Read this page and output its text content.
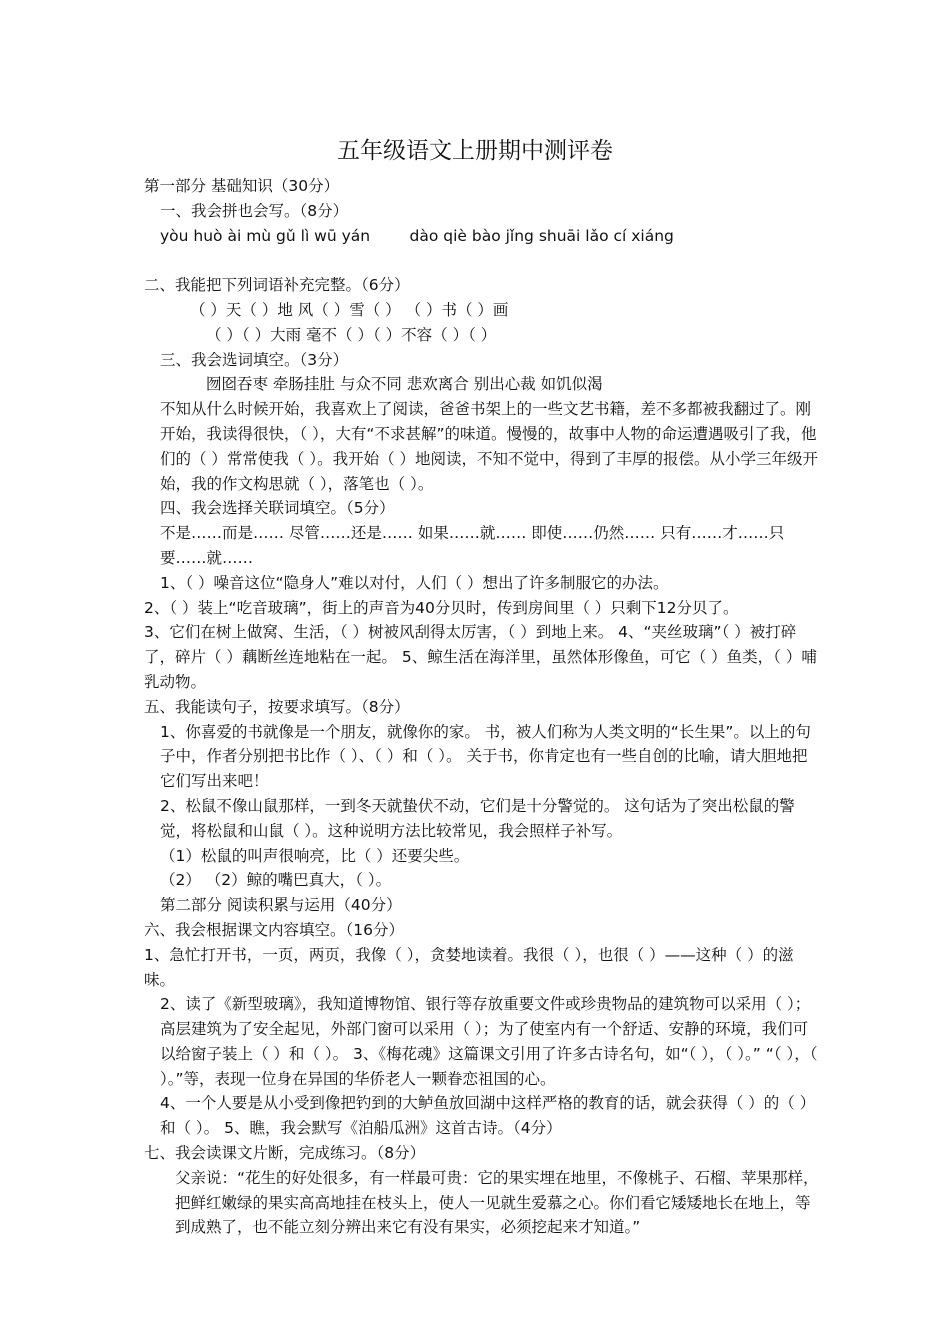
五年级语文上册期中测评卷

第一部分 基础知识（30分）

一、我会拼也会写。（8分）

yòu huò ài mù gǔ lì wū yán        dào qiè bào jǐng shuāi lǎo cí xiáng

二、我能把下列词语补充完整。（6分）

（ ）天（ ）地 风（ ）雪（ ） （ ）书（ ）画

（ ）（ ）大雨 毫不（ ）（ ）不容（ ）（ ）

三、我会选词填空。（3分）

囫囵吞枣 牵肠挂肚 与众不同 悲欢离合 别出心裁 如饥似渴

不知从什么时候开始，我喜欢上了阅读，爸爸书架上的一些文艺书籍，差不多都被我翻过了。刚开始，我读得很快，（ ），大有“不求甚解”的味道。慢慢的，故事中人物的命运遭遇吸引了我，他们的（ ）常常使我（ ）。我开始（ ）地阅读，不知不觉中，得到了丰厚的报偿。从小学三年级开始，我的作文构思就（ ），落笔也（ ）。

四、我会选择关联词填空。（5分）

不是……而是…… 尽管……还是…… 如果……就…… 即使……仍然…… 只有……才……只要……就……

1、（ ）噪音这位“隐身人”难以对付，人们（ ）想出了许多制服它的办法。

2、（ ）装上“吃音玻璃”，街上的声音为40分贝时，传到房间里（ ）只剩下12分贝了。

3、它们在树上做窝、生活，（ ）树被风刮得太厉害，（ ）到地上来。 4、“夹丝玻璃”（ ）被打碎了，碎片（ ）藕断丝连地粘在一起。 5、鲸生活在海洋里，虽然体形像鱼，可它（ ）鱼类，（ ）哺乳动物。

五、我能读句子，按要求填写。（8分）

1、你喜爱的书就像是一个朋友，就像你的家。 书，被人们称为人类文明的“长生果”。以上的句子中，作者分别把书比作（ ）、（ ）和（ ）。 关于书，你肯定也有一些自创的比喻，请大胆地把它们写出来吧！

2、松鼠不像山鼠那样，一到冬天就蛰伏不动，它们是十分警觉的。 这句话为了突出松鼠的警觉，将松鼠和山鼠（ ）。这种说明方法比较常见，我会照样子补写。

（1）松鼠的叫声很响亮，比（ ）还要尖些。

（2） （2）鲸的嘴巴真大，（ ）。

第二部分 阅读积累与运用（40分）

六、我会根据课文内容填空。（16分）

1、急忙打开书，一页，两页，我像（ ），贪婪地读着。我很（ ），也很（ ）——这种（ ）的滋味。

2、读了《新型玻璃》，我知道博物馆、银行等存放重要文件或珍贵物品的建筑物可以采用（ ）；高层建筑为了安全起见，外部门窗可以采用（ ）；为了使室内有一个舒适、安静的环境，我们可以给窗子装上（ ）和（ ）。 3、《梅花魂》这篇课文引用了许多古诗名句，如“（ ），（ ）。” “（ ），（ ）。”等，表现一位身在异国的华侨老人一颗眷恋祖国的心。

4、一个人要是从小受到像把钓到的大鲈鱼放回湖中这样严格的教育的话，就会获得（ ）的（ ）和（ ）。 5、瞧，我会默写《泊船瓜洲》这首古诗。（4分）

七、我会读课文片断，完成练习。（8分）

父亲说：“花生的好处很多，有一样最可贵：它的果实埋在地里，不像桃子、石榴、苹果那样，把鲜红嫩绿的果实高高地挂在枝头上，使人一见就生爱慕之心。你们看它矮矮地长在地上，等到成熟了，也不能立刻分辨出来它有没有果实，必须挖起来才知道。”
